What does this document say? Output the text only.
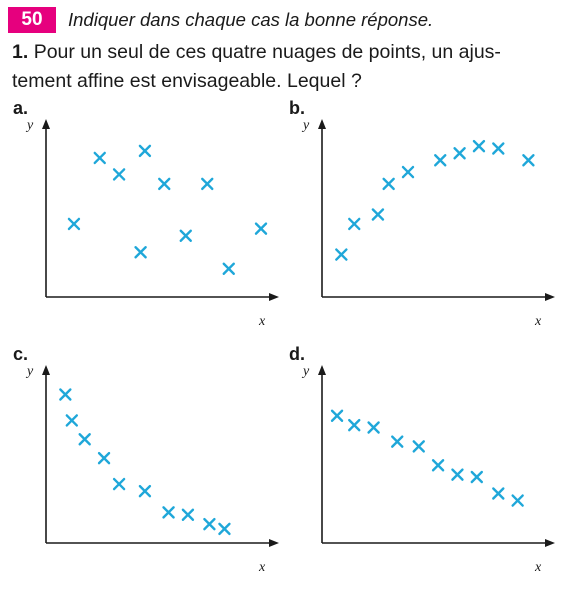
50	Indiquer dans chaque cas la bonne réponse.
1. Pour un seul de ces quatre nuages de points, un ajus-
tement affine est envisageable. Lequel ?
a.
y
x
b.
y
x
c.
y
x
d.
y
x
